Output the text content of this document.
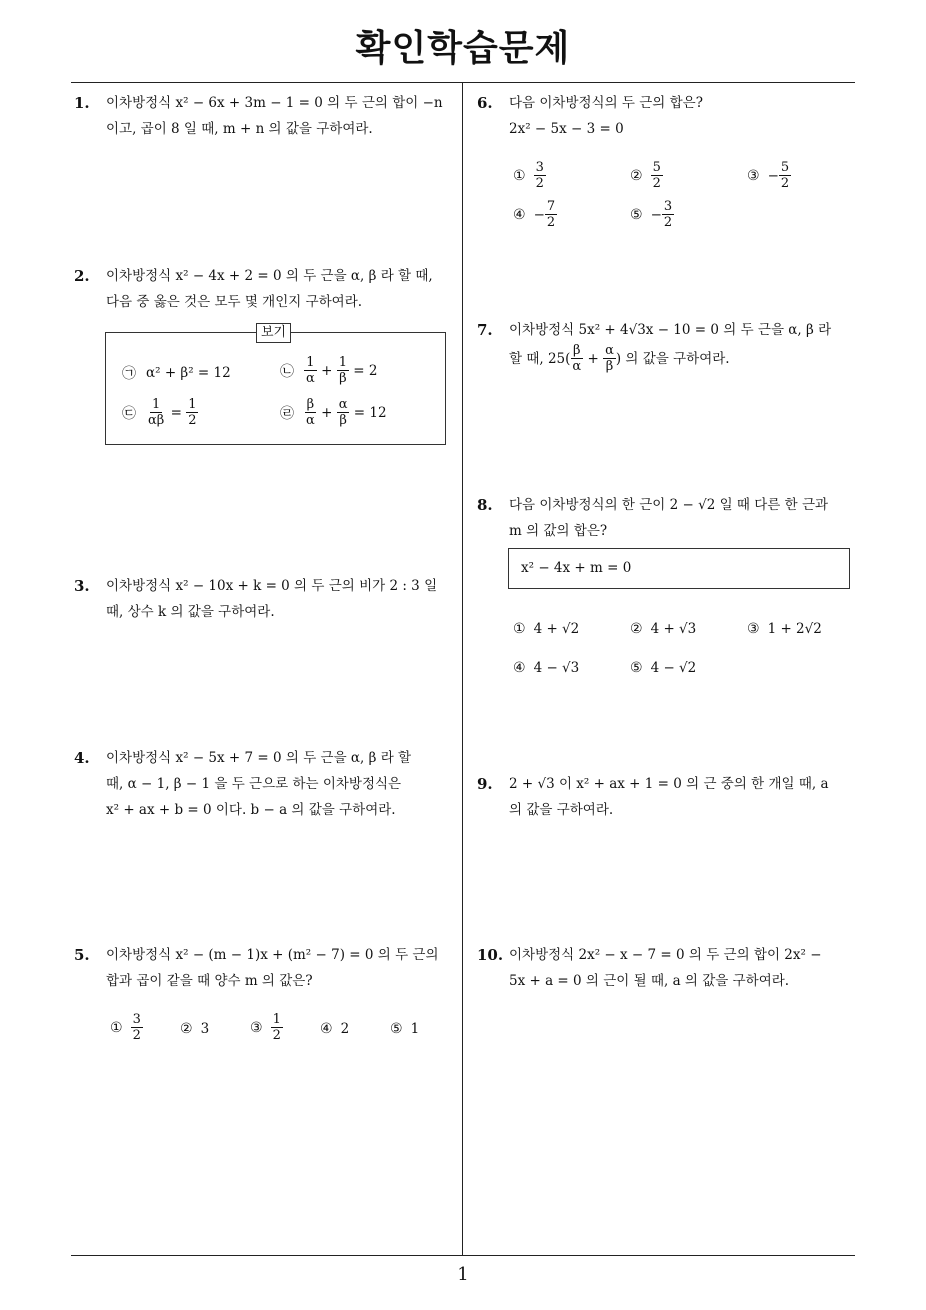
확인학습문제
1
1. 이차방정식 x² − 6x + 3m − 1 = 0 의 두 근의 합이 −n
이고, 곱이 8 일 때, m + n 의 값을 구하여라.
2. 이차방정식 x² − 4x + 2 = 0 의 두 근을 α, β 라 할 때,
다음 중 옳은 것은 모두 몇 개인지 구하여라.
보기
㉠ α² + β² = 12	㉡ $\frac{1}{\alpha} + \frac{1}{\beta} = 2$
㉢ $\frac{1}{\alpha\beta} = \frac{1}{2}$	㉣ $\frac{\beta}{\alpha} + \frac{\alpha}{\beta} = 12$
3. 이차방정식 x² − 10x + k = 0 의 두 근의 비가 2 : 3 일
때, 상수 k 의 값을 구하여라.
4. 이차방정식 x² − 5x + 7 = 0 의 두 근을 α, β 라 할
때, α − 1, β − 1 을 두 근으로 하는 이차방정식은
x² + ax + b = 0 이다. b − a 의 값을 구하여라.
5. 이차방정식 x² − (m − 1)x + (m² − 7) = 0 의 두 근의
합과 곱이 같을 때 양수 m 의 값은?
① $\frac{3}{2}$	② 3	③ $\frac{1}{2}$	④ 2	⑤ 1
6. 다음 이차방정식의 두 근의 합은?
2x² − 5x − 3 = 0
① $\frac{3}{2}$	② $\frac{5}{2}$	③ − $\frac{5}{2}$
④ − $\frac{7}{2}$	⑤ − $\frac{3}{2}$
7. 이차방정식 5x² + 4√3x − 10 = 0 의 두 근을 α, β 라
할 때, $25( \frac{\beta}{\alpha} + \frac{\alpha}{\beta}$ ) 의 값을 구하여라.
8. 다음 이차방정식의 한 근이 2 − √2 일 때 다른 한 근과
m 의 값의 합은?
x² − 4x + m = 0
① 4 + √2	② 4 + √3	③ 1 + 2√2
④ 4 − √3	⑤ 4 − √2
9. 2 + √3 이 x² + ax + 1 = 0 의 근 중의 한 개일 때, a
의 값을 구하여라.
10. 이차방정식 2x² − x − 7 = 0 의 두 근의 합이 2x² −
5x + a = 0 의 근이 될 때, a 의 값을 구하여라.
